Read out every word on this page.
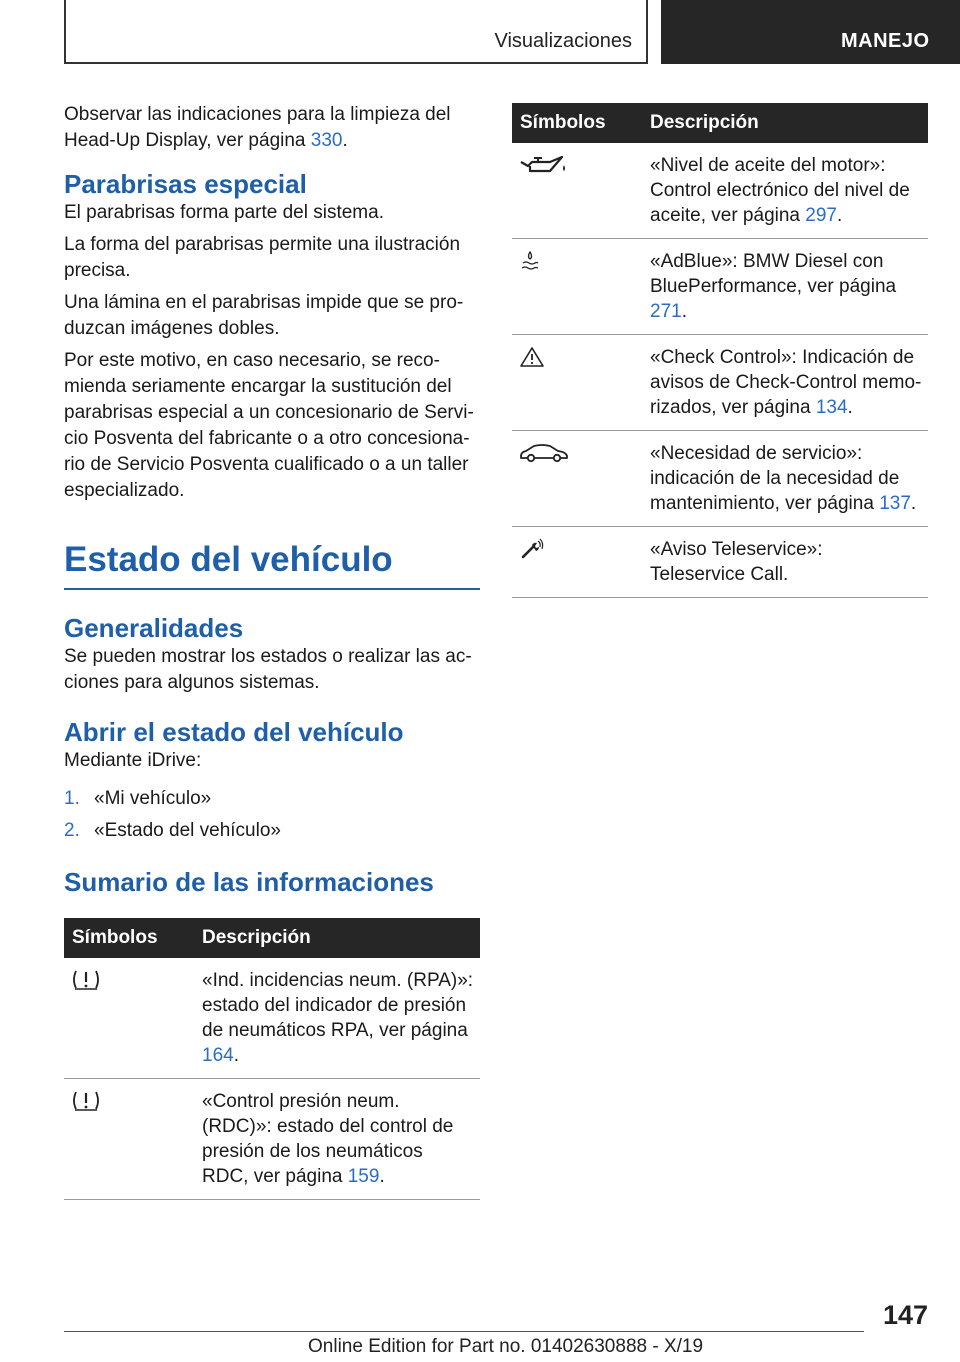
Visualizaciones	MANEJO

Observar las indicaciones para la limpieza del Head-Up Display, ver página 330.

Parabrisas especial

El parabrisas forma parte del sistema.

La forma del parabrisas permite una ilustración precisa.

Una lámina en el parabrisas impide que se produzcan imágenes dobles.

Por este motivo, en caso necesario, se recomienda seriamente encargar la sustitución del parabrisas especial a un concesionario de Servicio Posventa del fabricante o a otro concesionario de Servicio Posventa cualificado o a un taller especializado.

Estado del vehículo
Generalidades

Se pueden mostrar los estados o realizar las acciones para algunos sistemas.

Abrir el estado del vehículo

Mediante iDrive:

1. «Mi vehículo»
2. «Estado del vehículo»
Sumario de las informaciones
Símbolos	Descripción

	«Ind. incidencias neum. (RPA)»: estado del indicador de presión de neumáticos RPA, ver página 164.

	«Control presión neum. (RDC)»: estado del control de presión de los neumáticos RDC, ver página 159.
Símbolos	Descripción

	«Nivel de aceite del motor»: Control electrónico del nivel de aceite, ver página 297.

	«AdBlue»: BMW Diesel con BluePerformance, ver página 271.

	«Check Control»: Indicación de avisos de Check-Control memorizados, ver página 134.

	«Necesidad de servicio»: indicación de la necesidad de mantenimiento, ver página 137.

	«Aviso Teleservice»: Teleservice Call.
147
Online Edition for Part no. 01402630888 - X/19
